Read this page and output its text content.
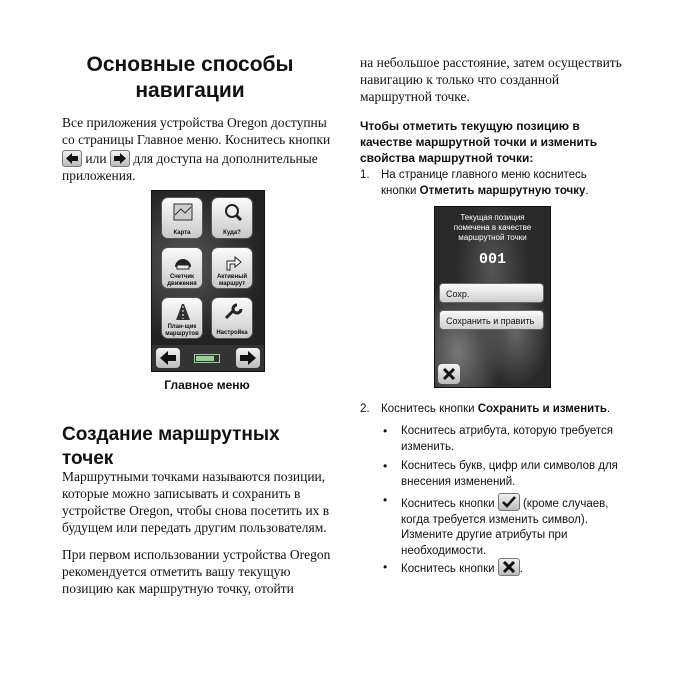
Основные способы
навигации
Все приложения устройства Oregon доступны
со страницы Главное меню. Коснитесь кнопки
или для доступа на дополнительные
приложения.
Карта	Куда?
Счетчик движения
Активный маршрут
План-щик маршрутов	Настройка
Главное меню
Создание маршрутных
точек
Маршрутными точками называются позиции,
которые можно записывать и сохранить в
устройстве Oregon, чтобы снова посетить их в
будущем или передать другим пользователям.
При первом использовании устройства Oregon
рекомендуется отметить вашу текущую
позицию как маршрутную точку, отойти
на небольшое расстояние, затем осуществить
навигацию к только что созданной
маршрутной точке.
Чтобы отметить текущую позицию в
качестве маршрутной точки и изменить
свойства маршрутной точки:
1. На странице главного меню коснитесь
кнопки Отметить маршрутную точку.
Текущая позиция
помечена в качестве
маршрутной точки
001
Сохр.
Сохранить и править
2. Коснитесь кнопки Сохранить и изменить.
• Коснитесь атрибута, которую требуется
изменить.
• Коснитесь букв, цифр или символов для
внесения изменений.
• Коснитесь кнопки (кроме случаев,
когда требуется изменить символ).
Измените другие атрибуты при
необходимости.
• Коснитесь кнопки .
